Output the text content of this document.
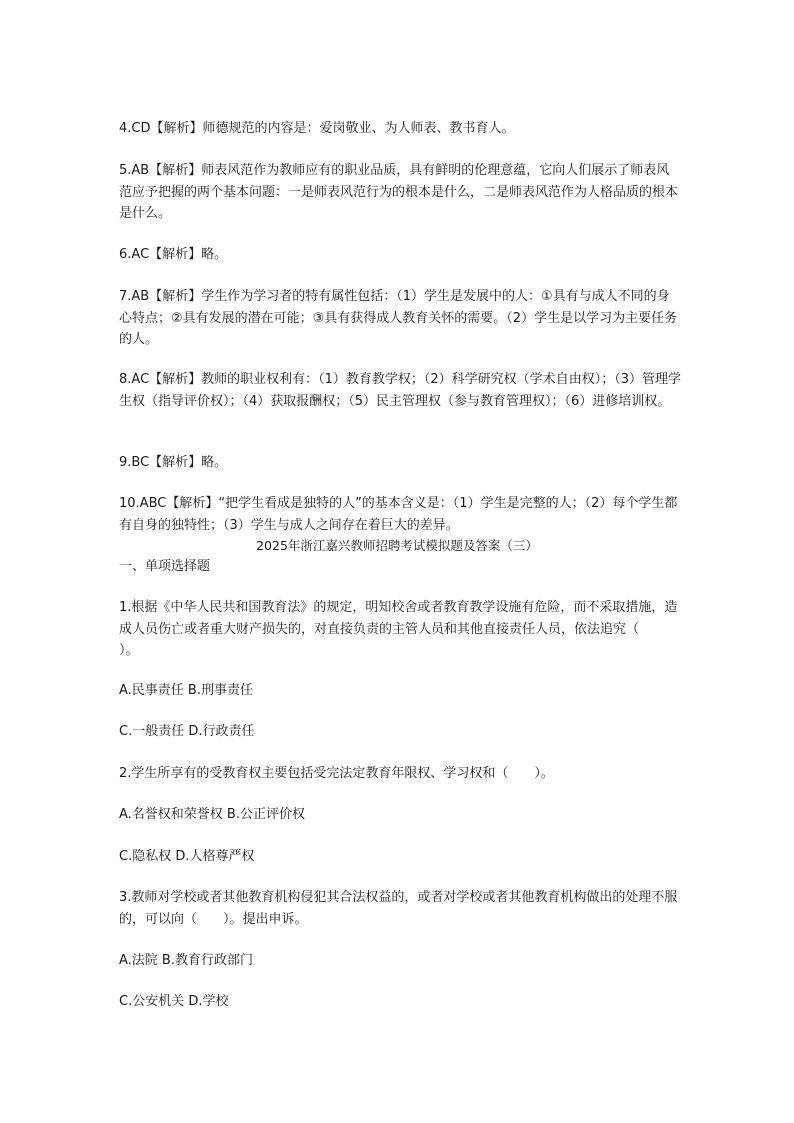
4.CD【解析】师德规范的内容是：爱岗敬业、为人师表、教书育人。

5.AB【解析】师表风范作为教师应有的职业品质，具有鲜明的伦理意蕴，它向人们展示了师表风范应予把握的两个基本问题：一是师表风范行为的根本是什么，二是师表风范作为人格品质的根本是什么。

6.AC【解析】略。

7.AB【解析】学生作为学习者的特有属性包括：（1）学生是发展中的人：①具有与成人不同的身心特点；②具有发展的潜在可能；③具有获得成人教育关怀的需要。（2）学生是以学习为主要任务的人。

8.AC【解析】教师的职业权利有：（1）教育教学权；（2）科学研究权（学术自由权）；（3）管理学生权（指导评价权）；（4）获取报酬权；（5）民主管理权（参与教育管理权）；（6）进修培训权。

9.BC【解析】略。

10.ABC【解析】“把学生看成是独特的人”的基本含义是：（1）学生是完整的人；（2）每个学生都有自身的独特性；（3）学生与成人之间存在着巨大的差异。

2025年浙江嘉兴教师招聘考试模拟题及答案（三）

一、单项选择题

1.根据《中华人民共和国教育法》的规定，明知校舍或者教育教学设施有危险，而不采取措施，造成人员伤亡或者重大财产损失的，对直接负责的主管人员和其他直接责任人员，依法追究（　　）。

A.民事责任 B.刑事责任

C.一般责任 D.行政责任

2.学生所享有的受教育权主要包括受完法定教育年限权、学习权和（　　）。

A.名誉权和荣誉权 B.公正评价权

C.隐私权 D.人格尊严权

3.教师对学校或者其他教育机构侵犯其合法权益的，或者对学校或者其他教育机构做出的处理不服的，可以向（　　）。提出申诉。

A.法院 B.教育行政部门

C.公安机关 D.学校
